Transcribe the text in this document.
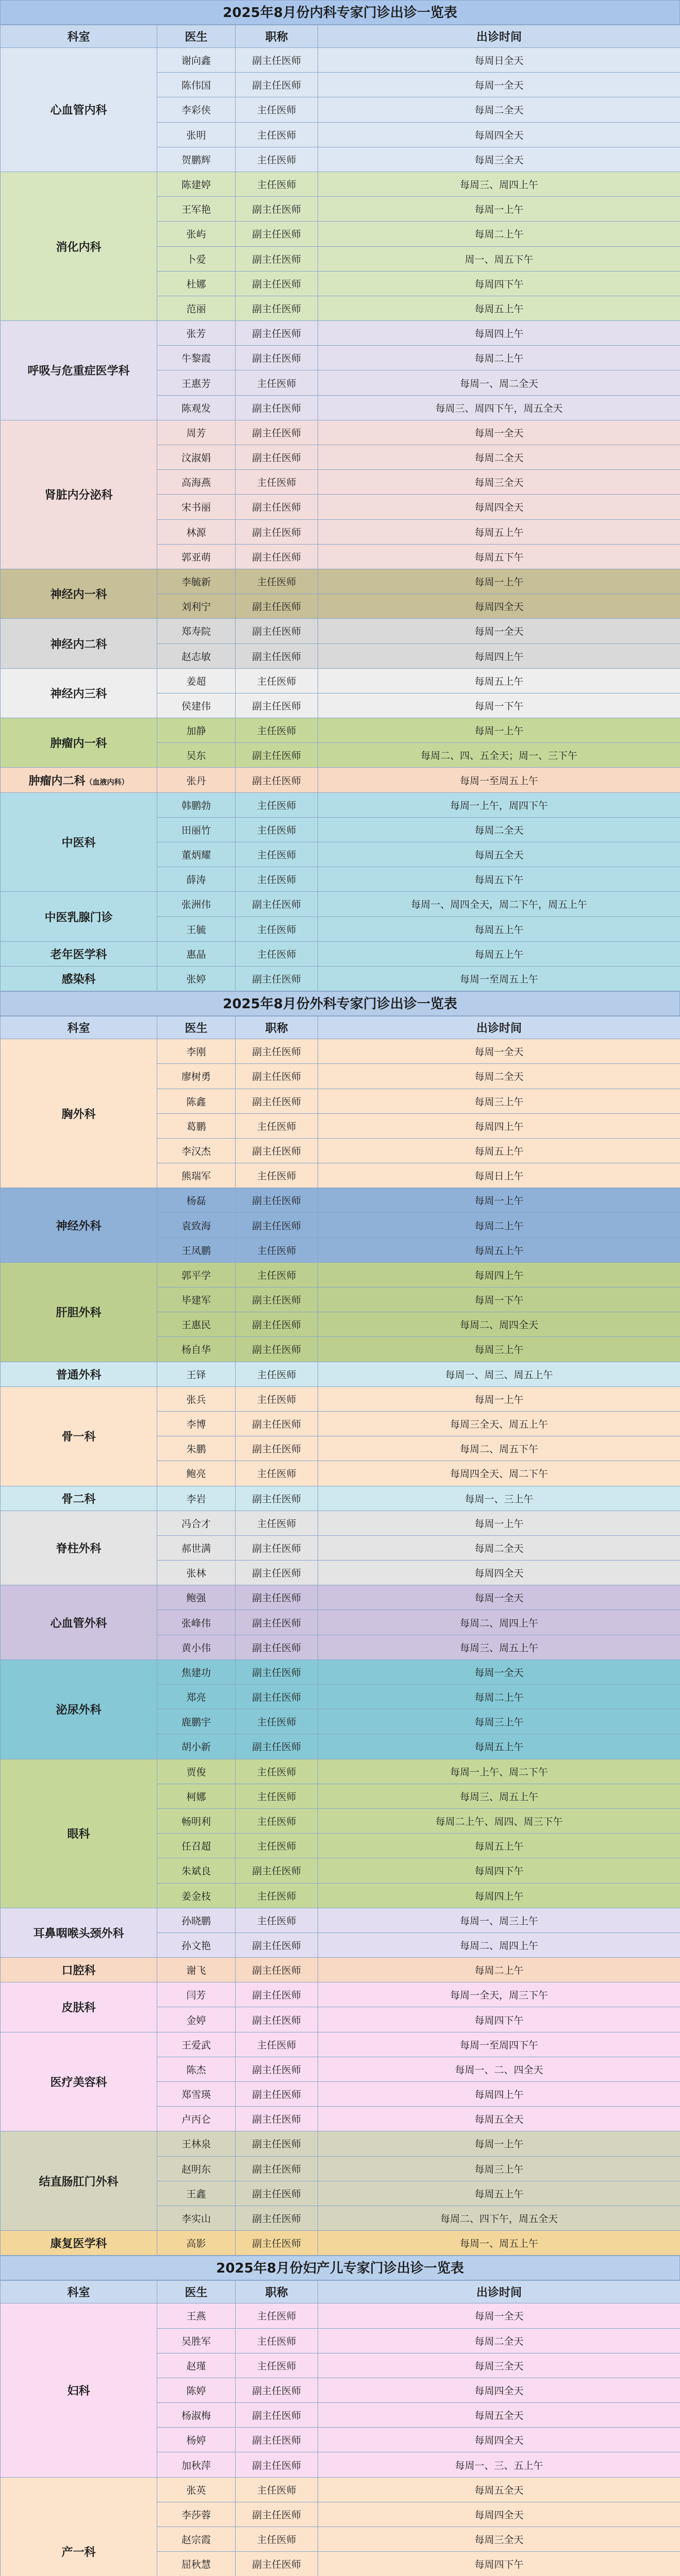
2025年8月份内科专家门诊出诊一览表
科室	医生	职称	出诊时间
心血管内科	谢向鑫	副主任医师	每周日全天
	陈伟国	副主任医师	每周一全天
	李彩侠	主任医师	每周二全天
	张明	主任医师	每周四全天
	贺鹏辉	主任医师	每周三全天
消化内科	陈建婷	主任医师	每周三、周四上午
	王军艳	副主任医师	每周一上午
	张屿	副主任医师	每周二上午
	卜爱	副主任医师	周一、周五下午
	杜娜	副主任医师	每周四下午
	范丽	副主任医师	每周五上午
呼吸与危重症医学科	张芳	副主任医师	每周四上午
	牛黎霞	副主任医师	每周二上午
	王惠芳	主任医师	每周一、周二全天
	陈观发	副主任医师	每周三、周四下午，周五全天
肾脏内分泌科	周芳	副主任医师	每周一全天
	汶淑娟	副主任医师	每周二全天
	高海燕	主任医师	每周三全天
	宋书丽	副主任医师	每周四全天
	林源	副主任医师	每周五上午
	郭亚萌	副主任医师	每周五下午
神经内一科	李毓新	主任医师	每周一上午
	刘利宁	副主任医师	每周四全天
神经内二科	郑寿院	副主任医师	每周一全天
	赵志敏	副主任医师	每周四上午
神经内三科	姜超	主任医师	每周五上午
	侯建伟	副主任医师	每周一下午
肿瘤内一科	加静	主任医师	每周一上午
	吴东	副主任医师	每周二、四、五全天；周一、三下午
肿瘤内二科（血液内科）	张丹	副主任医师	每周一至周五上午
中医科	韩鹏勃	主任医师	每周一上午，周四下午
	田丽竹	主任医师	每周二全天
	董炳耀	主任医师	每周五全天
	薛涛	主任医师	每周五下午
中医乳腺门诊	张洲伟	副主任医师	每周一、周四全天，周二下午，周五上午
	王毓	主任医师	每周五上午
老年医学科	惠晶	主任医师	每周五上午
感染科	张婷	副主任医师	每周一至周五上午
2025年8月份外科专家门诊出诊一览表
科室	医生	职称	出诊时间
胸外科	李刚	副主任医师	每周一全天
	廖树勇	副主任医师	每周二全天
	陈鑫	副主任医师	每周三上午
	葛鹏	主任医师	每周四上午
	李汉杰	副主任医师	每周五上午
	熊瑞军	主任医师	每周日上午
神经外科	杨磊	副主任医师	每周一上午
	袁致海	副主任医师	每周二上午
	王凤鹏	主任医师	每周五上午
肝胆外科	郭平学	主任医师	每周四上午
	毕建军	副主任医师	每周一下午
	王惠民	副主任医师	每周二、周四全天
	杨自华	副主任医师	每周三上午
普通外科	王铎	主任医师	每周一、周三、周五上午
骨一科	张兵	主任医师	每周一上午
	李博	副主任医师	每周三全天、周五上午
	朱鹏	副主任医师	每周二、周五下午
	鲍亮	主任医师	每周四全天、周二下午
骨二科	李岩	副主任医师	每周一、三上午
脊柱外科	冯合才	主任医师	每周一上午
	郝世满	副主任医师	每周二全天
	张林	副主任医师	每周四全天
心血管外科	鲍强	副主任医师	每周一全天
	张峰伟	副主任医师	每周二、周四上午
	黄小伟	副主任医师	每周三、周五上午
泌尿外科	焦建功	副主任医师	每周一全天
	郑亮	副主任医师	每周二上午
	鹿鹏宇	主任医师	每周三上午
	胡小新	副主任医师	每周五上午
眼科	贾俊	主任医师	每周一上午、周二下午
	柯娜	主任医师	每周三、周五上午
	畅明利	主任医师	每周二上午、周四、周三下午
	任召超	主任医师	每周五上午
	朱斌良	副主任医师	每周四下午
	姜金枝	主任医师	每周四上午
耳鼻咽喉头颈外科	孙晓鹏	主任医师	每周一、周三上午
	孙文艳	副主任医师	每周二、周四上午
口腔科	谢飞	副主任医师	每周二上午
皮肤科	闫芳	副主任医师	每周一全天，周三下午
	金婷	副主任医师	每周四下午
医疗美容科	王爱武	主任医师	每周一至周四下午
	陈杰	副主任医师	每周一、二、四全天
	郑雪瑛	副主任医师	每周四上午
	卢丙仑	副主任医师	每周五全天
结直肠肛门外科	王林泉	副主任医师	每周一上午
	赵明东	副主任医师	每周三上午
	王鑫	副主任医师	每周五上午
	李实山	副主任医师	每周二、四下午，周五全天
康复医学科	高影	副主任医师	每周一、周五上午
2025年8月份妇产儿专家门诊出诊一览表
科室	医生	职称	出诊时间
妇科	王燕	主任医师	每周一全天
	吴胜军	主任医师	每周二全天
	赵瑾	主任医师	每周三全天
	陈婷	副主任医师	每周四全天
	杨淑梅	副主任医师	每周五全天
	杨婷	副主任医师	每周四全天
	加秋萍	副主任医师	每周一、三、五上午
产一科	张英	主任医师	每周五全天
	李莎蓉	副主任医师	每周四全天
	赵宗霞	主任医师	每周三全天
	屈秋慧	副主任医师	每周四下午
